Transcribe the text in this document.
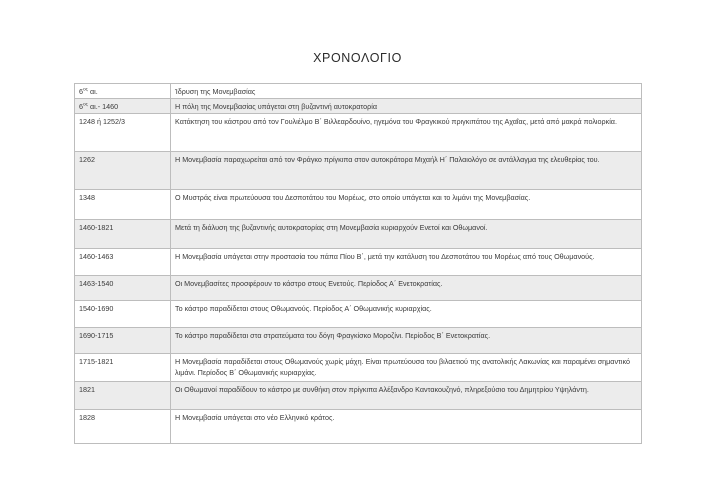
ΧΡΟΝΟΛΟΓΙΟ
$6^{o\varsigma}$ αι.	Ίδρυση της Μονεμβασίας
$6^{o\varsigma}$ αι.- 1460	Η πόλη της Μονεμβασίας υπάγεται στη βυζαντινή αυτοκρατορία
1248 ή 1252/3	Κατάκτηση του κάστρου από τον Γουλιέλμο Β΄ Βιλλεαρδουίνο, ηγεμόνα του Φραγκικού πριγκιπάτου της Αχαΐας, μετά από μακρά πολιορκία.
1262	Η Μονεμβασία παραχωρείται από τον Φράγκο πρίγκιπα στον αυτοκράτορα Μιχαήλ Η΄ Παλαιολόγο σε αντάλλαγμα της ελευθερίας του.
1348	Ο Μυστράς είναι πρωτεύουσα του Δεσποτάτου του Μορέως, στο οποίο υπάγεται και το λιμάνι της Μονεμβασίας.
1460-1821	Μετά τη διάλυση της βυζαντινής αυτοκρατορίας στη Μονεμβασία κυριαρχούν Ενετοί και Οθωμανοί.
1460-1463	Η Μονεμβασία υπάγεται στην προστασία του πάπα Πίου Β΄, μετά την κατάλυση του Δεσποτάτου του Μορέως από τους Οθωμανούς.
1463-1540	Οι Μονεμβασίτες προσφέρουν το κάστρο στους Ενετούς. Περίοδος Α΄ Ενετοκρατίας.
1540-1690	Το κάστρο παραδίδεται στους Οθωμανούς. Περίοδος Α΄ Οθωμανικής κυριαρχίας.
1690-1715	Το κάστρο παραδίδεται στα στρατεύματα του δόγη Φραγκίσκο Μοροζίνι. Περίοδος Β΄ Ενετοκρατίας.
1715-1821	Η Μονεμβασία παραδίδεται στους Οθωμανούς χωρίς μάχη. Είναι πρωτεύουσα του βιλαετιού της ανατολικής Λακωνίας και παραμένει σημαντικό λιμάνι. Περίοδος Β΄ Οθωμανικής κυριαρχίας.
1821	Οι Οθωμανοί παραδίδουν το κάστρο με συνθήκη στον πρίγκιπα Αλέξανδρο Καντακουζηνό, πληρεξούσιο του Δημητρίου Υψηλάντη.
1828	Η Μονεμβασία υπάγεται στο νέο Ελληνικό κράτος.
